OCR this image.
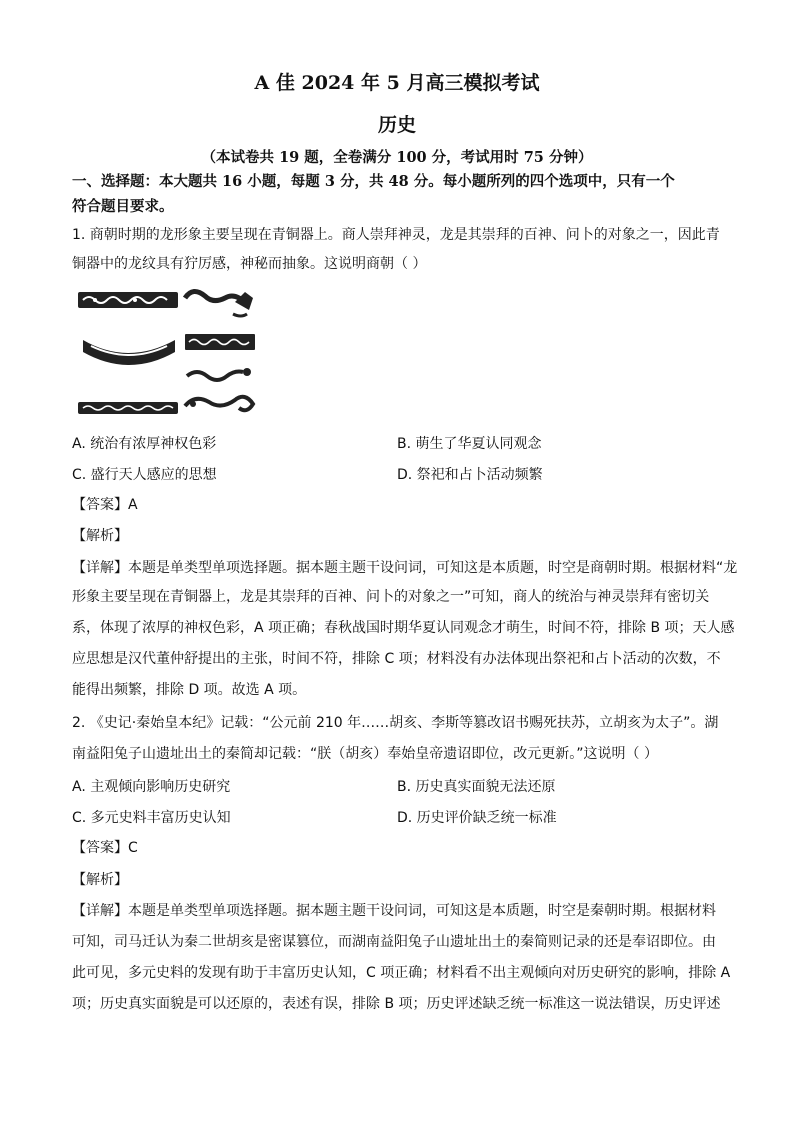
A 佳 2024 年 5 月高三模拟考试
历史
（本试卷共 19 题，全卷满分 100 分，考试用时 75 分钟）
一、选择题：本大题共 16 小题，每题 3 分，共 48 分。每小题所列的四个选项中，只有一个
符合题目要求。
1. 商朝时期的龙形象主要呈现在青铜器上。商人崇拜神灵，龙是其崇拜的百神、问卜的对象之一，因此青
铜器中的龙纹具有狞厉感，神秘而抽象。这说明商朝（ ）
A. 统治有浓厚神权色彩	B. 萌生了华夏认同观念
C. 盛行天人感应的思想	D. 祭祀和占卜活动频繁
【答案】A
【解析】
【详解】本题是单类型单项选择题。据本题主题干设问词，可知这是本质题，时空是商朝时期。根据材料“龙
形象主要呈现在青铜器上，龙是其崇拜的百神、问卜的对象之一”可知，商人的统治与神灵崇拜有密切关
系，体现了浓厚的神权色彩，A 项正确；春秋战国时期华夏认同观念才萌生，时间不符，排除 B 项；天人感
应思想是汉代董仲舒提出的主张，时间不符，排除 C 项；材料没有办法体现出祭祀和占卜活动的次数，不
能得出频繁，排除 D 项。故选 A 项。
2. 《史记·秦始皇本纪》记载：“公元前 210 年……胡亥、李斯等篡改诏书赐死扶苏，立胡亥为太子”。湖
南益阳兔子山遗址出土的秦简却记载：“朕（胡亥）奉始皇帝遗诏即位，改元更新。”这说明（ ）
A. 主观倾向影响历史研究	B. 历史真实面貌无法还原
C. 多元史料丰富历史认知	D. 历史评价缺乏统一标准
【答案】C
【解析】
【详解】本题是单类型单项选择题。据本题主题干设问词，可知这是本质题，时空是秦朝时期。根据材料
可知，司马迁认为秦二世胡亥是密谋篡位，而湖南益阳兔子山遗址出土的秦简则记录的还是奉诏即位。由
此可见，多元史料的发现有助于丰富历史认知，C 项正确；材料看不出主观倾向对历史研究的影响，排除 A
项；历史真实面貌是可以还原的，表述有误，排除 B 项；历史评述缺乏统一标准这一说法错误，历史评述
